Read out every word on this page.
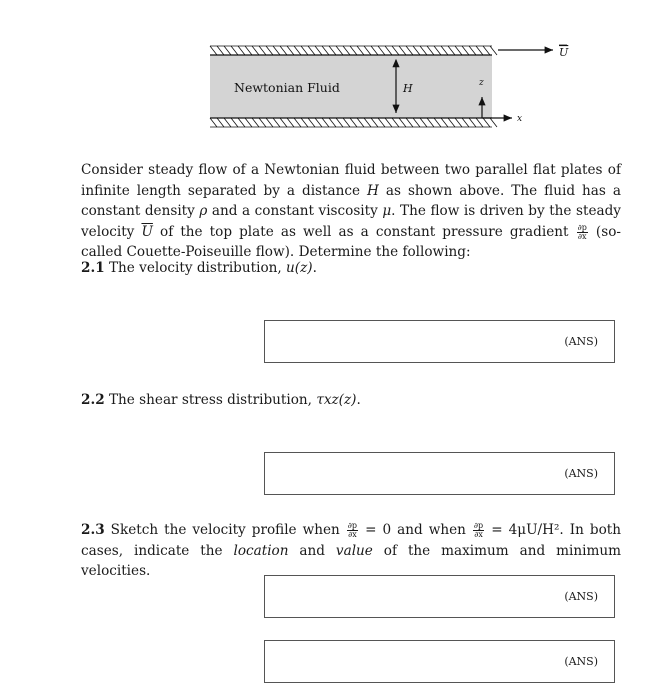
Newtonian Fluid	H
U
z
x
Consider steady flow of a Newtonian fluid between two parallel flat plates of infinite length separated by a distance H as shown above. The fluid has a constant density ρ and a constant viscosity μ. The flow is driven by the steady velocity $\overline{U}$ of the top plate as well as a constant pressure gradient $\frac{\partial p}{\partial x}$ (so-called Couette-Poiseuille flow). Determine the following:
2.1 The velocity distribution, u(z).
(ANS)
2.2 The shear stress distribution, τxz(z).
(ANS)
2.3 Sketch the velocity profile when $\frac{\partial p}{\partial x} = 0$ and when $\frac{\partial p}{\partial x} = 4\mu U/H^2$. In both cases, indicate the location and value of the maximum and minimum velocities.
(ANS)
(ANS)
